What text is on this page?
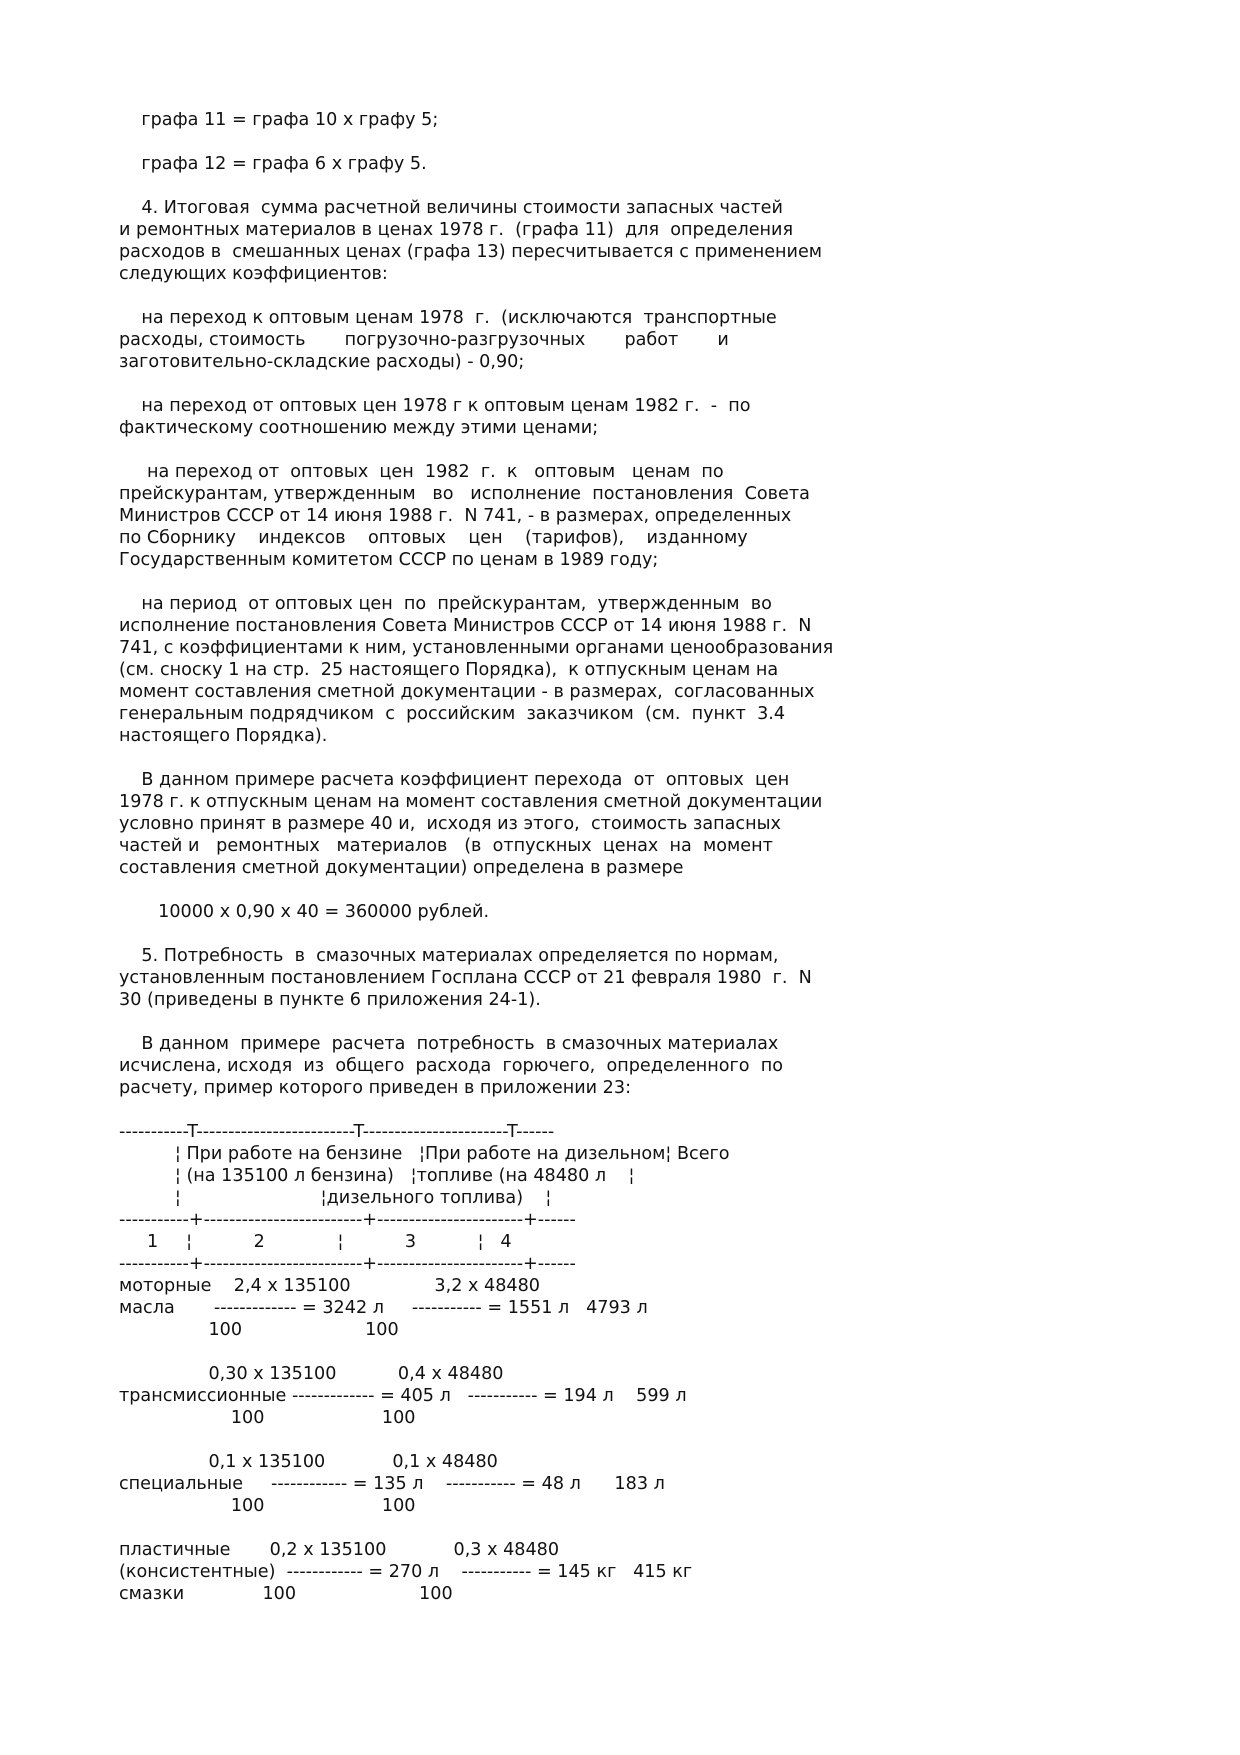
графа 11 = графа 10 х графу 5;

графа 12 = графа 6 х графу 5.

4. Итоговая  сумма расчетной величины стоимости запасных частей
и ремонтных материалов в ценах 1978 г.  (графа 11)  для  определения
расходов в  смешанных ценах (графа 13) пересчитывается с применением
следующих коэффициентов:

на переход к оптовым ценам 1978  г.  (исключаются  транспортные
расходы, стоимость       погрузочно-разгрузочных       работ       и
заготовительно-складские расходы) - 0,90;

на переход от оптовых цен 1978 г к оптовым ценам 1982 г.  -  по
фактическому соотношению между этими ценами;

на переход от  оптовых  цен  1982  г.  к   оптовым   ценам  по
прейскурантам, утвержденным   во   исполнение  постановления  Совета
Министров СССР от 14 июня 1988 г.  N 741, - в размерах, определенных
по Сборнику    индексов    оптовых    цен    (тарифов),    изданному
Государственным комитетом СССР по ценам в 1989 году;

на период  от оптовых цен  по  прейскурантам,  утвержденным  во
исполнение постановления Совета Министров СССР от 14 июня 1988 г.  N
741, с коэффициентами к ним, установленными органами ценообразования
(см. сноску 1 на стр.  25 настоящего Порядка),  к отпускным ценам на
момент составления сметной документации - в размерах,  согласованных
генеральным подрядчиком  с  российским  заказчиком  (см.  пункт  3.4
настоящего Порядка).

В данном примере расчета коэффициент перехода  от  оптовых  цен
1978 г. к отпускным ценам на момент составления сметной документации
условно принят в размере 40 и,  исходя из этого,  стоимость запасных
частей и   ремонтных   материалов   (в  отпускных  ценах  на  момент
составления сметной документации) определена в размере

10000 х 0,90 х 40 = 360000 рублей.

5. Потребность  в  смазочных материалах определяется по нормам,
установленным постановлением Госплана СССР от 21 февраля 1980  г.  N
30 (приведены в пункте 6 приложения 24-1).

В данном  примере  расчета  потребность  в смазочных материалах
исчислена, исходя  из  общего  расхода  горючего,  определенного  по
расчету, пример которого приведен в приложении 23:

-----------T-------------------------T-----------------------T------
¦ При работе на бензине   ¦При работе на дизельном¦ Всего
¦ (на 135100 л бензина)   ¦топливе (на 48480 л    ¦
¦                         ¦дизельного топлива)    ¦
-----------+-------------------------+-----------------------+------
1     ¦           2             ¦           3           ¦   4
-----------+-------------------------+-----------------------+------
моторные    2,4 х 135100               3,2 х 48480
масла       ------------- = 3242 л     ----------- = 1551 л   4793 л
100                      100

0,30 х 135100           0,4 х 48480
трансмиссионные ------------- = 405 л   ----------- = 194 л    599 л
100                     100

0,1 х 135100            0,1 х 48480
специальные     ------------ = 135 л    ----------- = 48 л      183 л
100                     100

пластичные       0,2 х 135100            0,3 х 48480
(консистентные)  ------------ = 270 л    ----------- = 145 кг   415 кг
смазки              100                      100
